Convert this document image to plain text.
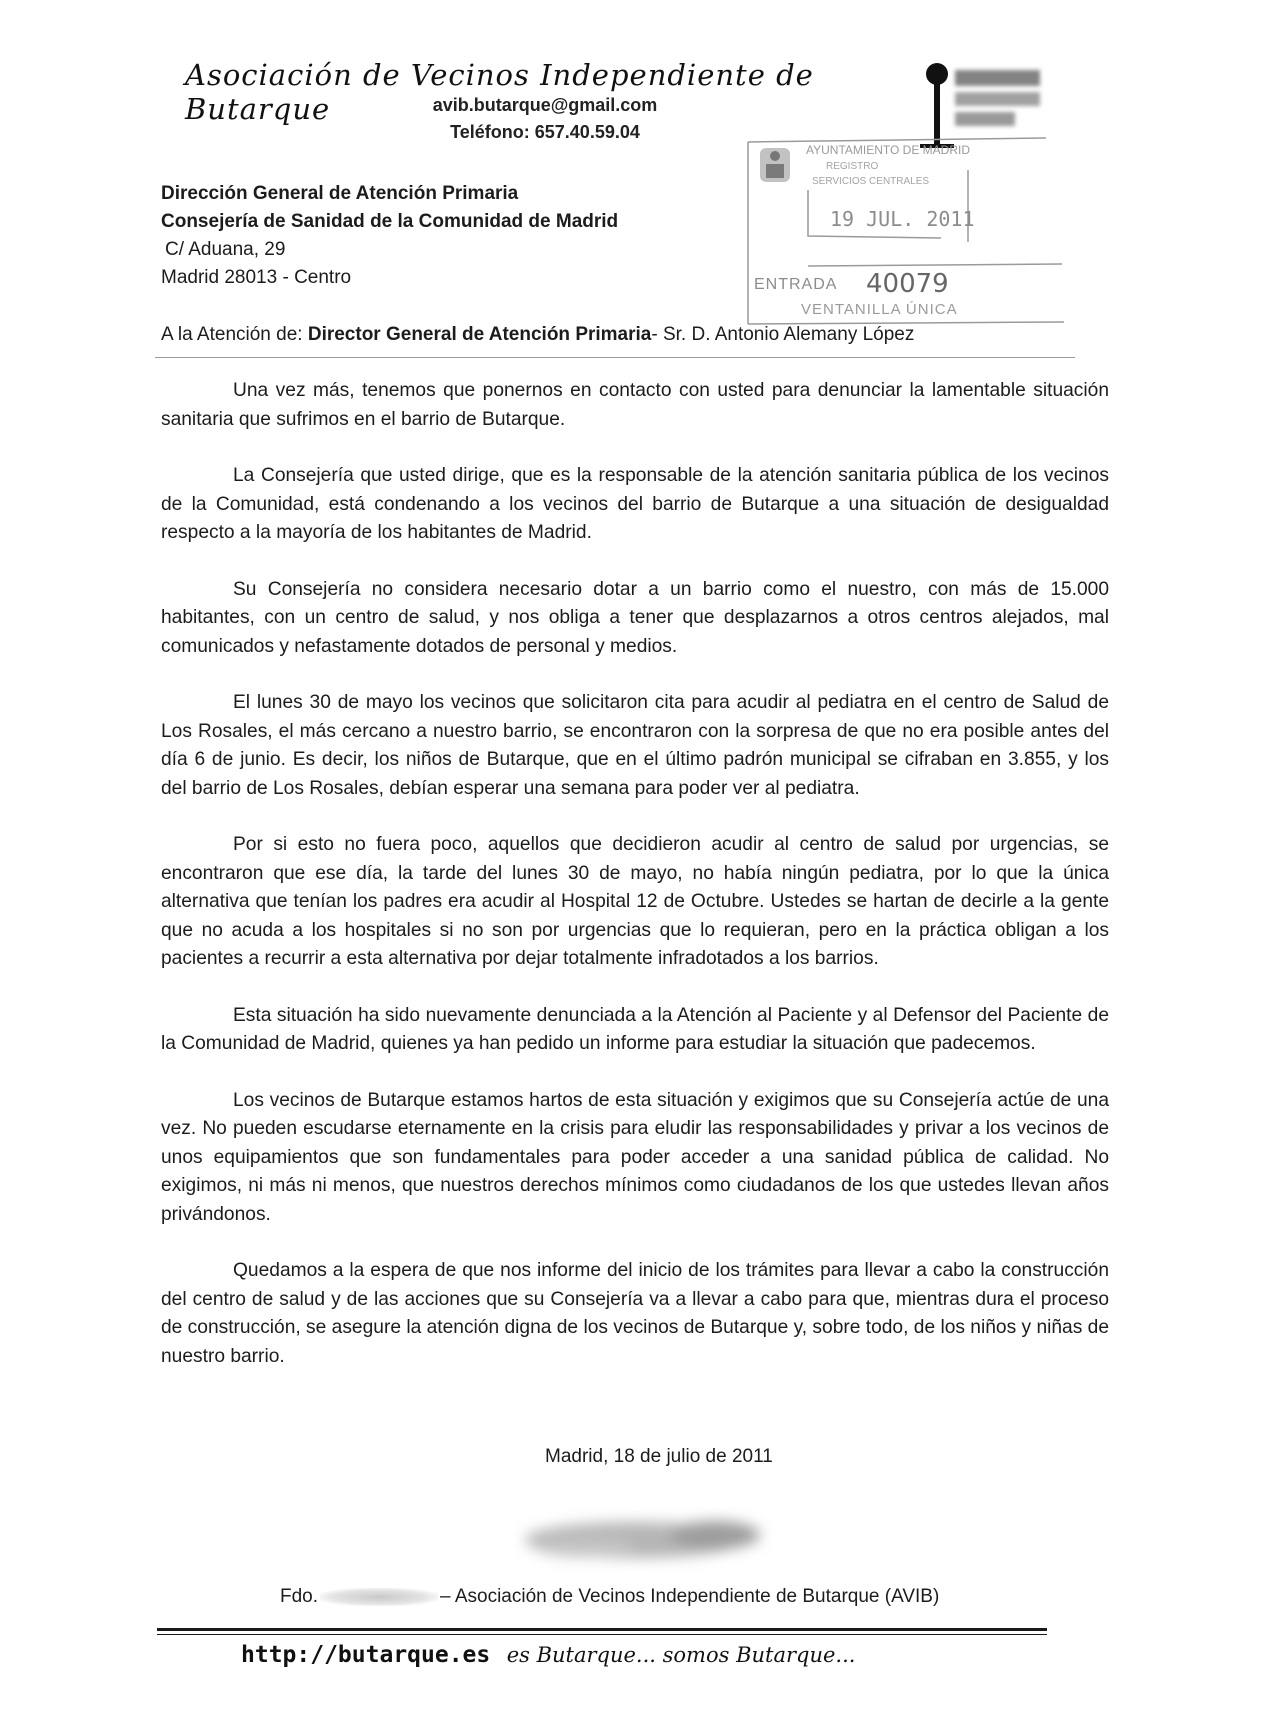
Asociación de Vecinos Independiente de Butarque	avib.butarque@gmail.com
Teléfono: 657.40.59.04
AYUNTAMIENTO DE MADRID
REGISTRO
SERVICIOS CENTRALES
19 JUL. 2011
ENTRADA 40079
VENTANILLA ÚNICA
Dirección General de Atención Primaria
Consejería de Sanidad de la Comunidad de Madrid
C/ Aduana, 29
Madrid 28013 - Centro
A la Atención de: Director General de Atención Primaria- Sr. D. Antonio Alemany López

Una vez más, tenemos que ponernos en contacto con usted para denunciar la lamentable situación sanitaria que sufrimos en el barrio de Butarque.

La Consejería que usted dirige, que es la responsable de la atención sanitaria pública de los vecinos de la Comunidad, está condenando a los vecinos del barrio de Butarque a una situación de desigualdad respecto a la mayoría de los habitantes de Madrid.

Su Consejería no considera necesario dotar a un barrio como el nuestro, con más de 15.000 habitantes, con un centro de salud, y nos obliga a tener que desplazarnos a otros centros alejados, mal comunicados y nefastamente dotados de personal y medios.

El lunes 30 de mayo los vecinos que solicitaron cita para acudir al pediatra en el centro de Salud de Los Rosales, el más cercano a nuestro barrio, se encontraron con la sorpresa de que no era posible antes del día 6 de junio. Es decir, los niños de Butarque, que en el último padrón municipal se cifraban en 3.855, y los del barrio de Los Rosales, debían esperar una semana para poder ver al pediatra.

Por si esto no fuera poco, aquellos que decidieron acudir al centro de salud por urgencias, se encontraron que ese día, la tarde del lunes 30 de mayo, no había ningún pediatra, por lo que la única alternativa que tenían los padres era acudir al Hospital 12 de Octubre. Ustedes se hartan de decirle a la gente que no acuda a los hospitales si no son por urgencias que lo requieran, pero en la práctica obligan a los pacientes a recurrir a esta alternativa por dejar totalmente infradotados a los barrios.

Esta situación ha sido nuevamente denunciada a la Atención al Paciente y al Defensor del Paciente de la Comunidad de Madrid, quienes ya han pedido un informe para estudiar la situación que padecemos.

Los vecinos de Butarque estamos hartos de esta situación y exigimos que su Consejería actúe de una vez. No pueden escudarse eternamente en la crisis para eludir las responsabilidades y privar a los vecinos de unos equipamientos que son fundamentales para poder acceder a una sanidad pública de calidad. No exigimos, ni más ni menos, que nuestros derechos mínimos como ciudadanos de los que ustedes llevan años privándonos.

Quedamos a la espera de que nos informe del inicio de los trámites para llevar a cabo la construcción del centro de salud y de las acciones que su Consejería va a llevar a cabo para que, mientras dura el proceso de construcción, se asegure la atención digna de los vecinos de Butarque y, sobre todo, de los niños y niñas de nuestro barrio.

Madrid, 18 de julio de 2011
Fdo.	– Asociación de Vecinos Independiente de Butarque (AVIB)
http://butarque.es es Butarque... somos Butarque...
